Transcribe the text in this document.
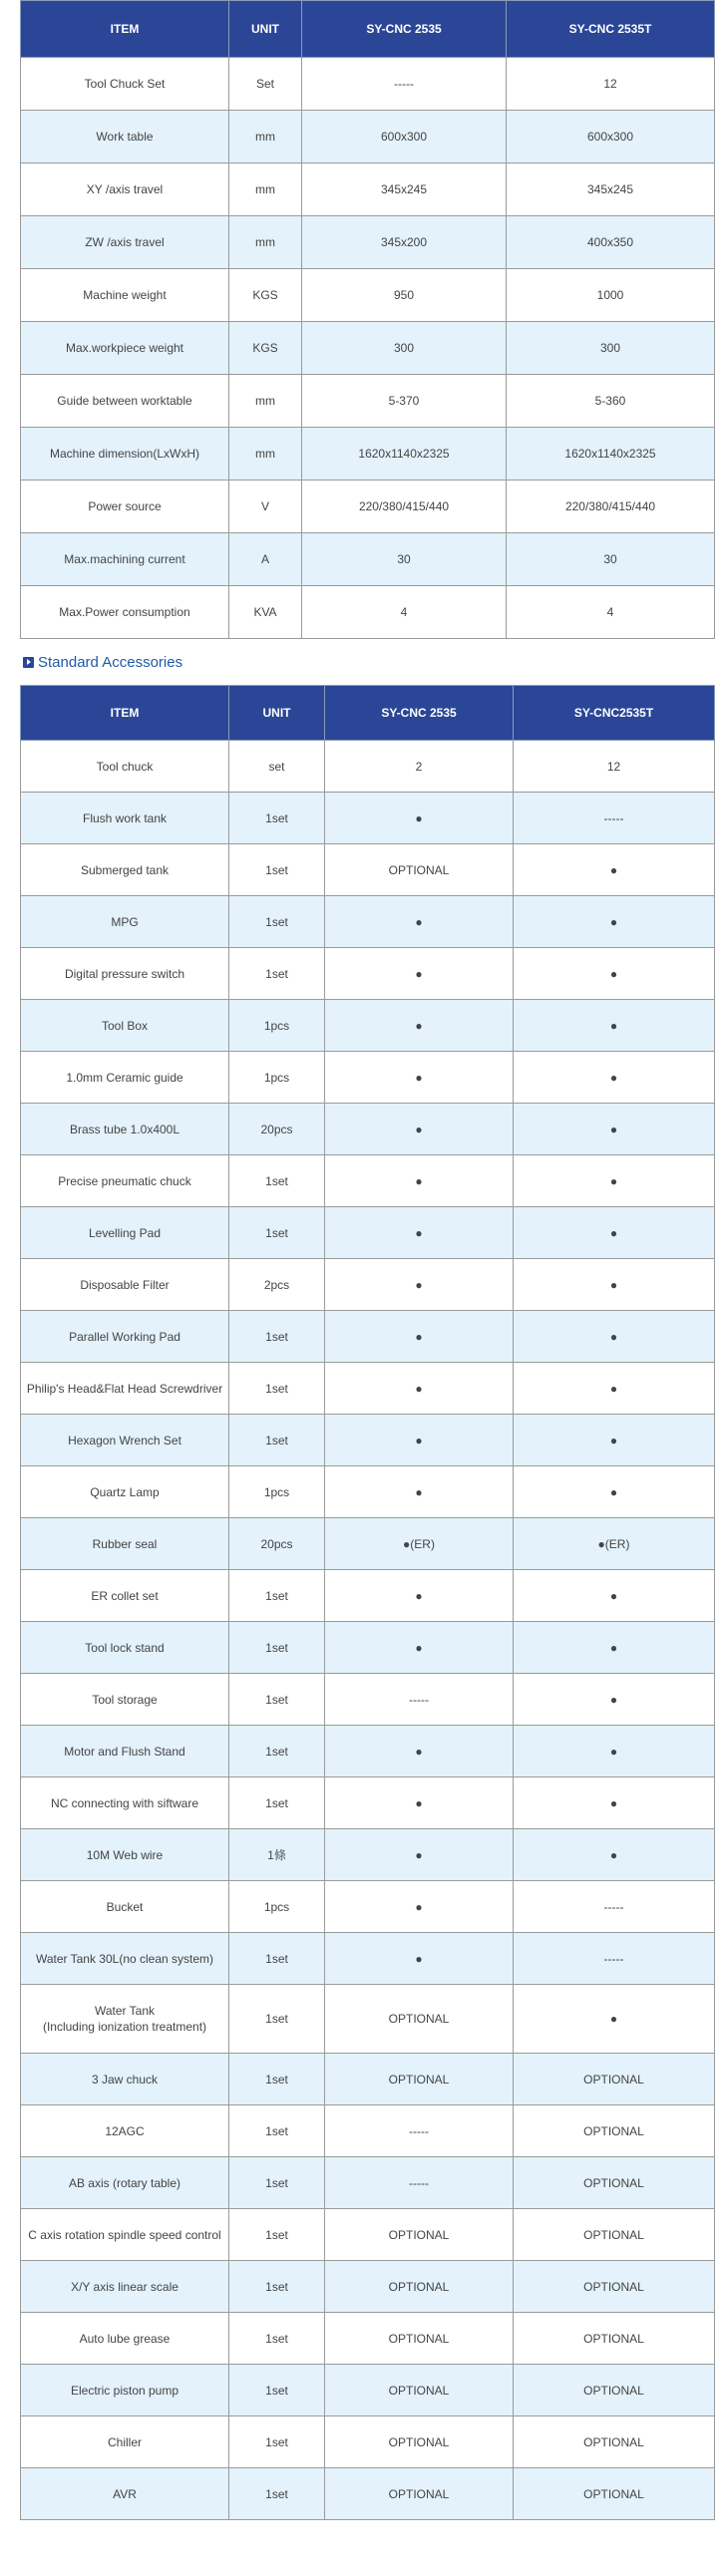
ITEM	UNIT	SY-CNC 2535	SY-CNC 2535T
Tool Chuck Set	Set	-----	12
Work table	mm	600x300	600x300
XY /axis travel	mm	345x245	345x245
ZW /axis travel	mm	345x200	400x350
Machine weight	KGS	950	1000
Max.workpiece weight	KGS	300	300
Guide between worktable	mm	5-370	5-360
Machine dimension(LxWxH)	mm	1620x1140x2325	1620x1140x2325
Power source	V	220/380/415/440	220/380/415/440
Max.machining current	A	30	30
Max.Power consumption	KVA	4	4
Standard Accessories
ITEM	UNIT	SY-CNC 2535	SY-CNC2535T
Tool chuck	set	2	12
Flush work tank	1set	●	-----
Submerged tank	1set	OPTIONAL	●
MPG	1set	●	●
Digital pressure switch	1set	●	●
Tool Box	1pcs	●	●
1.0mm Ceramic guide	1pcs	●	●
Brass tube 1.0x400L	20pcs	●	●
Precise pneumatic chuck	1set	●	●
Levelling Pad	1set	●	●
Disposable Filter	2pcs	●	●
Parallel Working Pad	1set	●	●
Philip's Head&Flat Head Screwdriver	1set	●	●
Hexagon Wrench Set	1set	●	●
Quartz Lamp	1pcs	●	●
Rubber seal	20pcs	●(ER)	●(ER)
ER collet set	1set	●	●
Tool lock stand	1set	●	●
Tool storage	1set	-----	●
Motor and Flush Stand	1set	●	●
NC connecting with siftware	1set	●	●
10M Web wire	1條	●	●
Bucket	1pcs	●	-----
Water Tank 30L(no clean system)	1set	●	-----
Water Tank
(Including ionization treatment)	1set	OPTIONAL	●
3 Jaw chuck	1set	OPTIONAL	OPTIONAL
12AGC	1set	-----	OPTIONAL
AB axis (rotary table)	1set	-----	OPTIONAL
C axis rotation spindle speed control	1set	OPTIONAL	OPTIONAL
X/Y axis linear scale	1set	OPTIONAL	OPTIONAL
Auto lube grease	1set	OPTIONAL	OPTIONAL
Electric piston pump	1set	OPTIONAL	OPTIONAL
Chiller	1set	OPTIONAL	OPTIONAL
AVR	1set	OPTIONAL	OPTIONAL
